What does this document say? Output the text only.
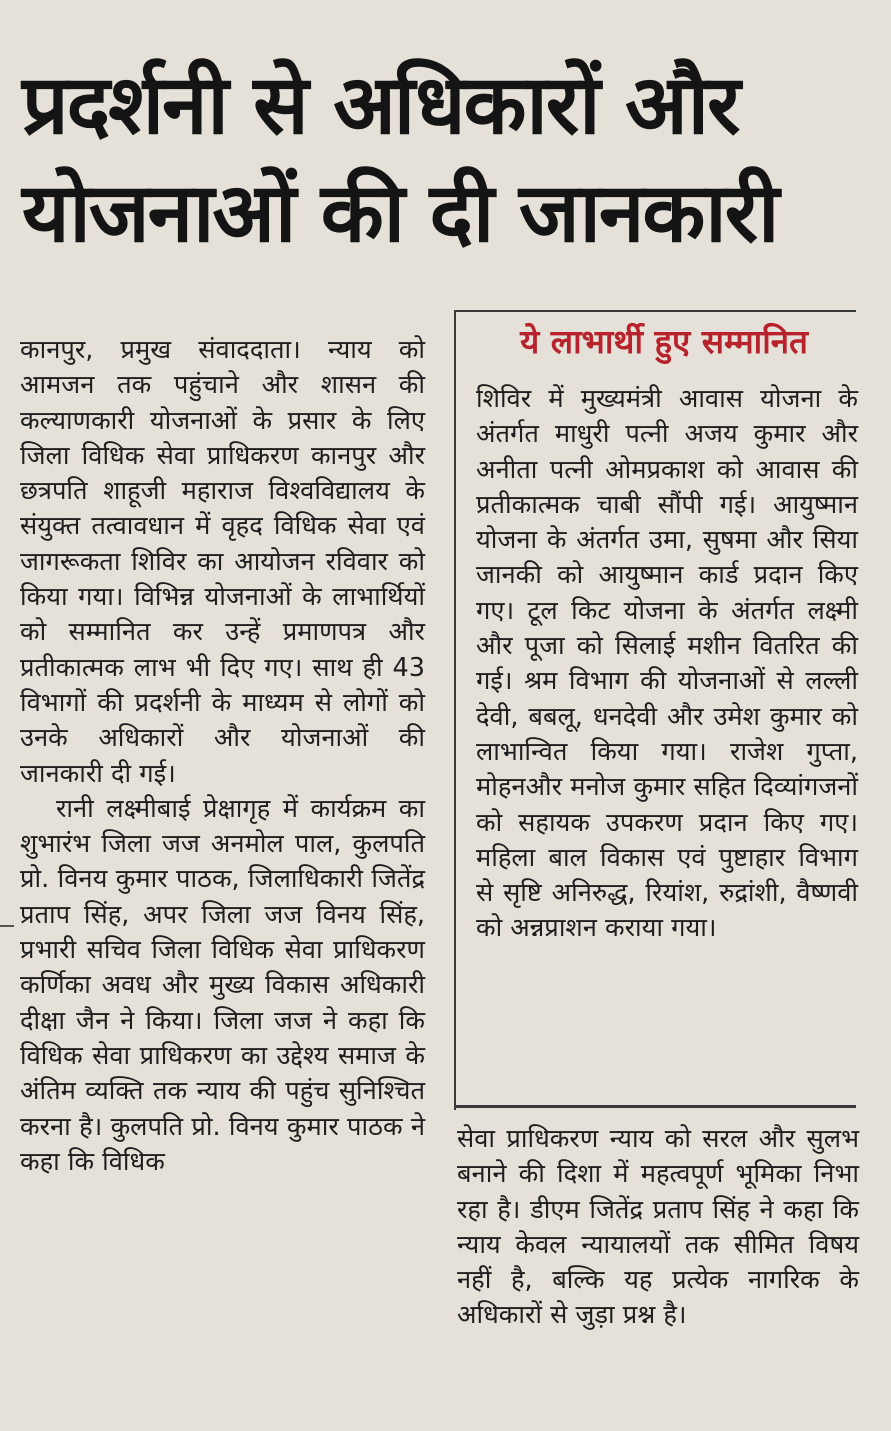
प्रदर्शनी से अधिकारों और
योजनाओं की दी जानकारी

कानपुर, प्रमुख संवाददाता। न्याय को आमजन तक पहुंचाने और शासन की कल्याणकारी योजनाओं के प्रसार के लिए जिला विधिक सेवा प्राधिकरण कानपुर और छत्रपति शाहूजी महाराज विश्वविद्यालय के संयुक्त तत्वावधान में वृहद विधिक सेवा एवं जागरूकता शिविर का आयोजन रविवार को किया गया। विभिन्न योजनाओं के लाभार्थियों को सम्मानित कर उन्हें प्रमाणपत्र और प्रतीकात्मक लाभ भी दिए गए। साथ ही 43 विभागों की प्रदर्शनी के माध्यम से लोगों को उनके अधिकारों और योजनाओं की जानकारी दी गई।

रानी लक्ष्मीबाई प्रेक्षागृह में कार्यक्रम का शुभारंभ जिला जज अनमोल पाल, कुलपति प्रो. विनय कुमार पाठक, जिलाधिकारी जितेंद्र प्रताप सिंह, अपर जिला जज विनय सिंह, प्रभारी सचिव जिला विधिक सेवा प्राधिकरण कर्णिका अवध और मुख्य विकास अधिकारी दीक्षा जैन ने किया। जिला जज ने कहा कि विधिक सेवा प्राधिकरण का उद्देश्य समाज के अंतिम व्यक्ति तक न्याय की पहुंच सुनिश्चित करना है। कुलपति प्रो. विनय कुमार पाठक ने कहा कि विधिक

ये लाभार्थी हुए सम्मानित

शिविर में मुख्यमंत्री आवास योजना के अंतर्गत माधुरी पत्नी अजय कुमार और अनीता पत्नी ओमप्रकाश को आवास की प्रतीकात्मक चाबी सौंपी गई। आयुष्मान योजना के अंतर्गत उमा, सुषमा और सिया जानकी को आयुष्मान कार्ड प्रदान किए गए। टूल किट योजना के अंतर्गत लक्ष्मी और पूजा को सिलाई मशीन वितरित की गई। श्रम विभाग की योजनाओं से लल्ली देवी, बबलू, धनदेवी और उमेश कुमार को लाभान्वित किया गया। राजेश गुप्ता, मोहनऔर मनोज कुमार सहित दिव्यांगजनों को सहायक उपकरण प्रदान किए गए। महिला बाल विकास एवं पुष्टाहार विभाग से सृष्टि अनिरुद्ध, रियांश, रुद्रांशी, वैष्णवी को अन्नप्राशन कराया गया।

सेवा प्राधिकरण न्याय को सरल और सुलभ बनाने की दिशा में महत्वपूर्ण भूमिका निभा रहा है। डीएम जितेंद्र प्रताप सिंह ने कहा कि न्याय केवल न्यायालयों तक सीमित विषय नहीं है, बल्कि यह प्रत्येक नागरिक के अधिकारों से जुड़ा प्रश्न है।
